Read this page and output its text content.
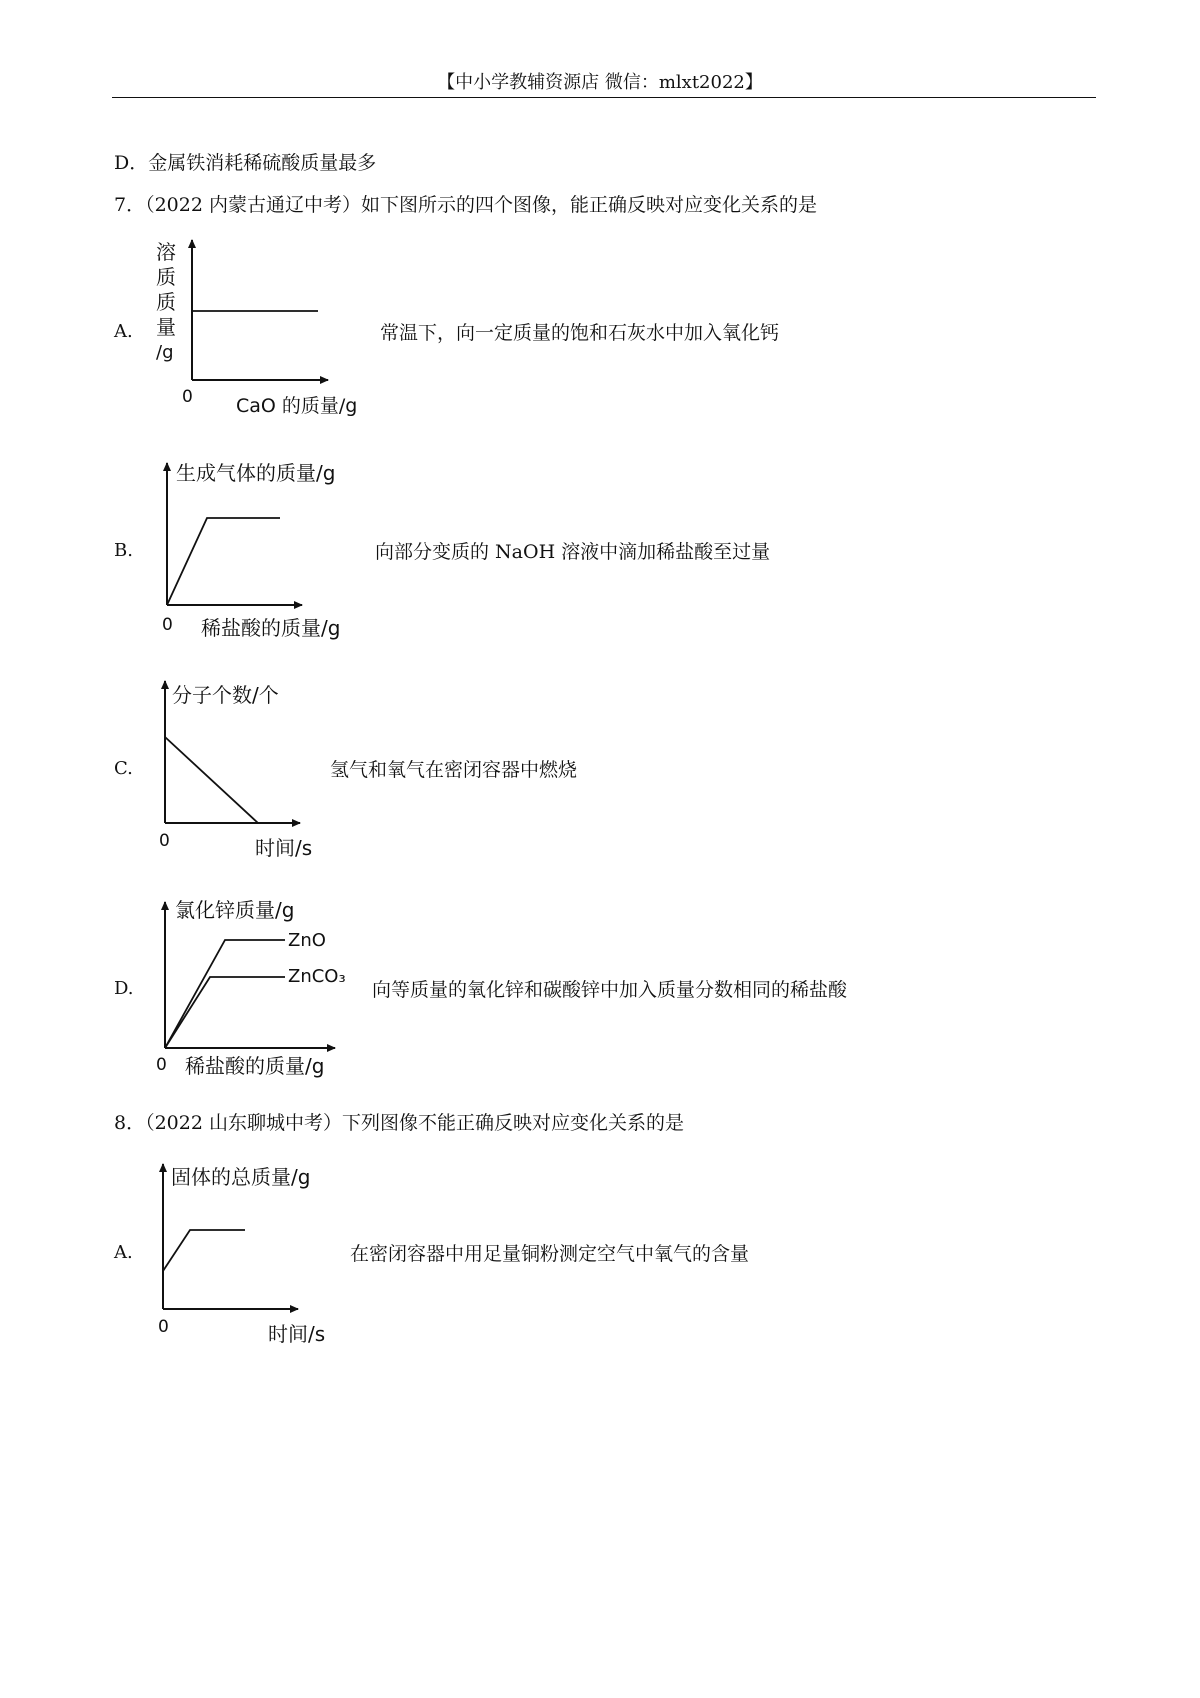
【中小学教辅资源店 微信：mlxt2022】
D．金属铁消耗稀硫酸质量最多
7．（2022 内蒙古通辽中考）如下图所示的四个图像，能正确反映对应变化关系的是
A.
溶
质
质
量
/g
0 CaO 的质量/g
常温下，向一定质量的饱和石灰水中加入氧化钙
B.
生成气体的质量/g
0 稀盐酸的质量/g
向部分变质的 NaOH 溶液中滴加稀盐酸至过量
C.
分子个数/个
0	时间/s
氢气和氧气在密闭容器中燃烧
D.
ZnO
ZnCO₃
氯化锌质量/g
0 稀盐酸的质量/g
向等质量的氧化锌和碳酸锌中加入质量分数相同的稀盐酸
8．（2022 山东聊城中考）下列图像不能正确反映对应变化关系的是
A.
固体的总质量/g
0	时间/s
在密闭容器中用足量铜粉测定空气中氧气的含量
